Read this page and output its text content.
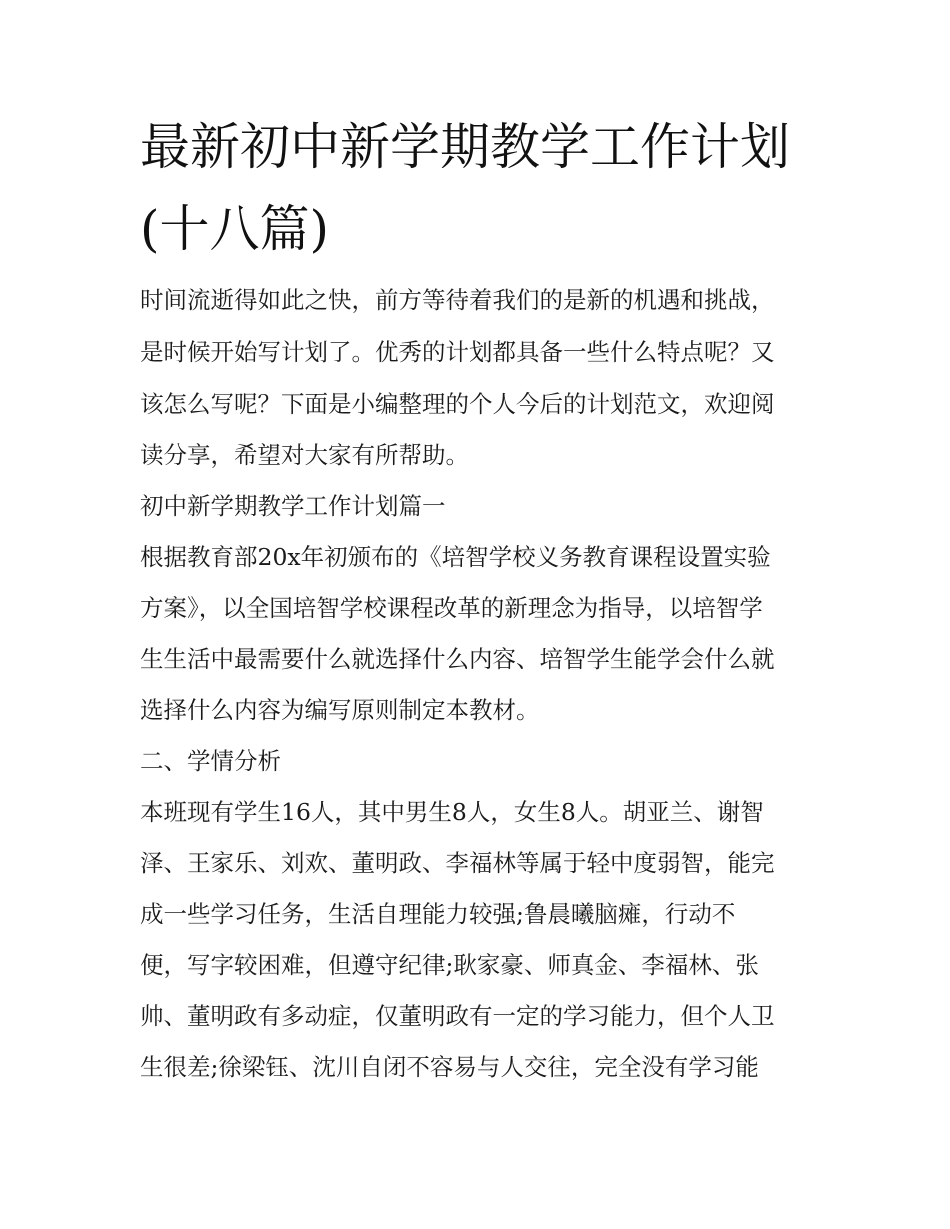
最新初中新学期教学工作计划
(十八篇)

时间流逝得如此之快，前方等待着我们的是新的机遇和挑战，

是时候开始写计划了。优秀的计划都具备一些什么特点呢？又

该怎么写呢？下面是小编整理的个人今后的计划范文，欢迎阅

读分享，希望对大家有所帮助。

初中新学期教学工作计划篇一

根据教育部20x年初颁布的《培智学校义务教育课程设置实验

方案》，以全国培智学校课程改革的新理念为指导，以培智学

生生活中最需要什么就选择什么内容、培智学生能学会什么就

选择什么内容为编写原则制定本教材。

二、学情分析

本班现有学生16人，其中男生8人，女生8人。胡亚兰、谢智

泽、王家乐、刘欢、董明政、李福林等属于轻中度弱智，能完

成一些学习任务，生活自理能力较强;鲁晨曦脑瘫，行动不

便，写字较困难，但遵守纪律;耿家豪、师真金、李福林、张

帅、董明政有多动症，仅董明政有一定的学习能力，但个人卫

生很差;徐梁钰、沈川自闭不容易与人交往，完全没有学习能
